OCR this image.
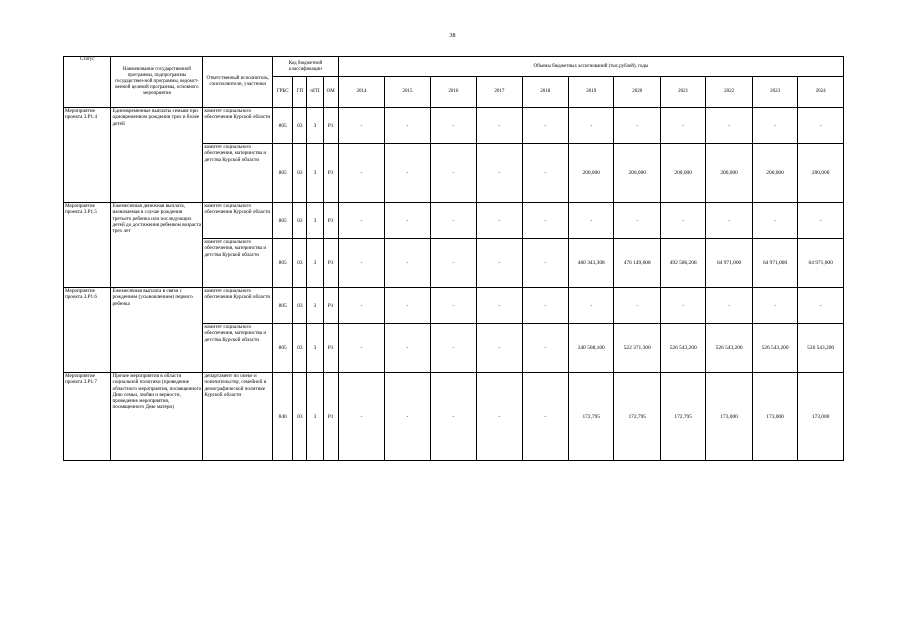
38
Статус	Наименование государственной программы, подпрограммы государствен-ной программы, ведомст-венной целевой программы, основного мероприятия	Ответственный исполнитель, соисполнители, участники	Код бюджетной классификации				Объемы бюджетных ассигнований (тыс.рублей), годы										
			ГРБС	ГП	пГП	ОМ	2014	2015	2016	2017	2018	2019	2020	2021	2022	2023	2024
Мероприятие проекта 3.Р1.4	Единовременные выплаты семьям при одновременном рождении трех и более детей	комитет социального обеспечения Курской области	805	03	3	Р1	-	-	-	-	-	-	-	-	-	-	-
		комитет социального обеспечения, материнства и детства Курской области	805	03	3	Р1	-	-	-	-	-	200,000	200,000	200,000	200,000	200,000	200,000
Мероприятие проекта 3.Р1.5	Ежемесячная денежная выплата, назначаемая в случае рождения третьего ребенка или последующих детей до достижения ребенком возраста трех лет	комитет социального обеспечения Курской области	805	03	3	Р1	-	-	-	-	-	-	-	-	-	-	-
		комитет социального обеспечения, материнства и детства Курской области	805	03	3	Р1	-	-	-	-	-	460 343,308	476 149,608	492 586,208	64 971,000	64 971,000	64 971,000
Мероприятие проекта 3.Р1.6	Ежемесячная выплата в связи с рождением (усыновлением) первого ребенка	комитет социального обеспечения Курской области	805	03	3	Р1	-	-	-	-	-	-	-	-	-	-	-
		комитет социального обеспечения, материнства и детства Курской области	805	03	3	Р1	-	-	-	-	-	340 508,100	522 371,300	526 543,200	526 543,200	526 543,200	526 543,200
Мероприятие проекта 3.Р1.7	Прочие мероприятия в области социальной политики (проведение областного мероприятия, посвященного Дню семьи, любви и верности, проведение мероприятия, посвященного Дню матери)	департамент по опеке и попечительству, семейной и демографической политике Курской области	840	03	3	Р1	-	-	-	-	-	172,795	172,795	172,795	173,000	173,000	173,000
